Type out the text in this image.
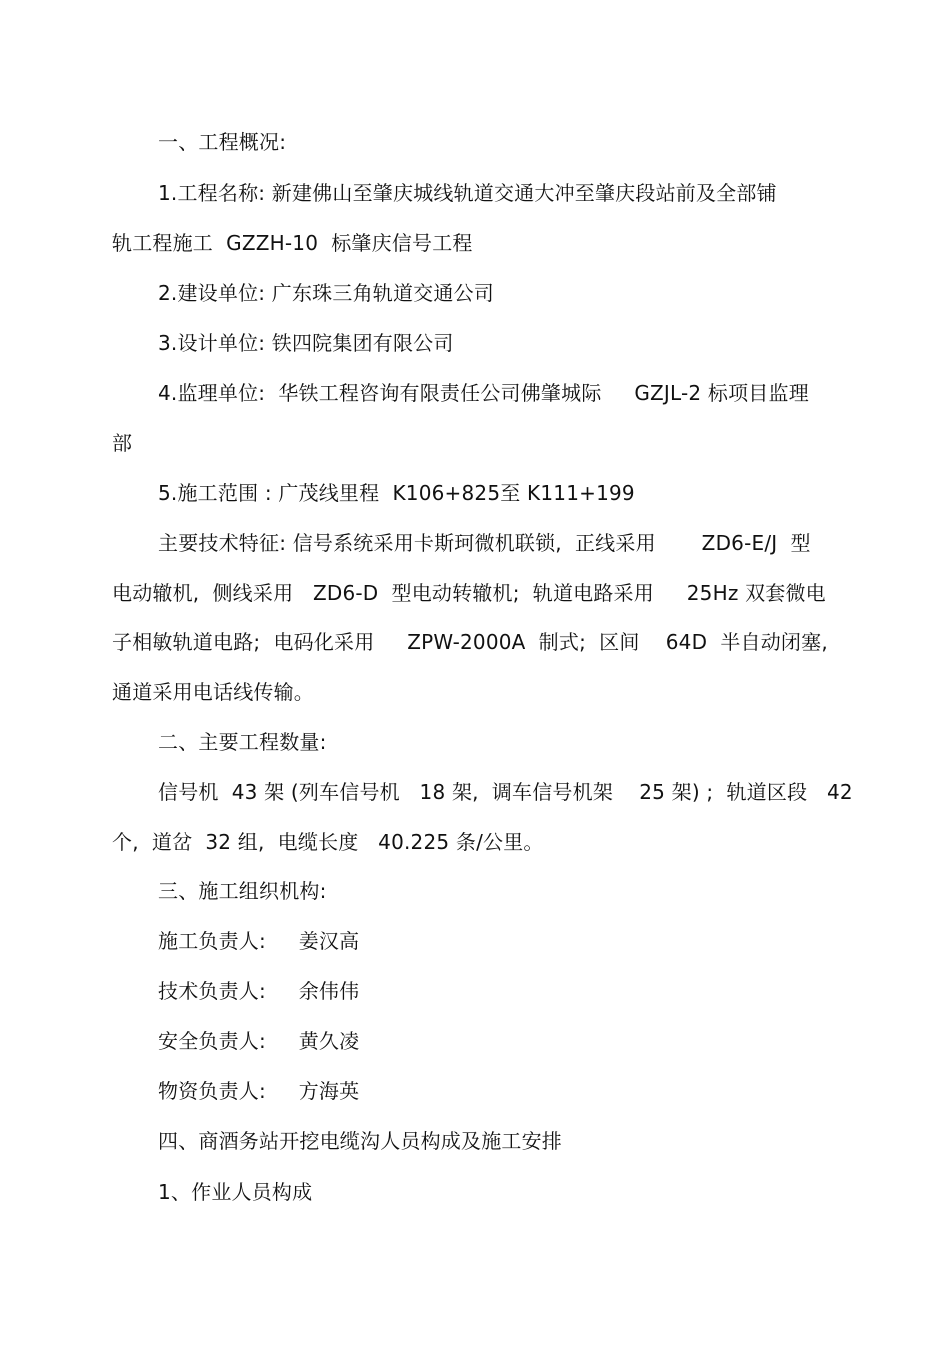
一、工程概况:
1.工程名称: 新建佛山至肇庆城线轨道交通大冲至肇庆段站前及全部铺
轨工程施工  GZZH-10  标肇庆信号工程
2.建设单位: 广东珠三角轨道交通公司
3.设计单位: 铁四院集团有限公司
4.监理单位:  华铁工程咨询有限责任公司佛肇城际     GZJL-2 标项目监理
部
5.施工范围 : 广茂线里程  K106+825至 K111+199
主要技术特征: 信号系统采用卡斯珂微机联锁,  正线采用       ZD6-E/J  型
电动辙机,  侧线采用   ZD6-D  型电动转辙机;  轨道电路采用     25Hz 双套微电
子相敏轨道电路;  电码化采用     ZPW-2000A  制式;  区间    64D  半自动闭塞,
通道采用电话线传输。
二、主要工程数量:
信号机  43 架 (列车信号机   18 架,  调车信号机架    25 架) ;  轨道区段   42
个,  道岔  32 组,  电缆长度   40.225 条/公里。
三、施工组织机构:
施工负责人:     姜汉高
技术负责人:     余伟伟
安全负责人:     黄久凌
物资负责人:     方海英
四、商酒务站开挖电缆沟人员构成及施工安排
1、作业人员构成
